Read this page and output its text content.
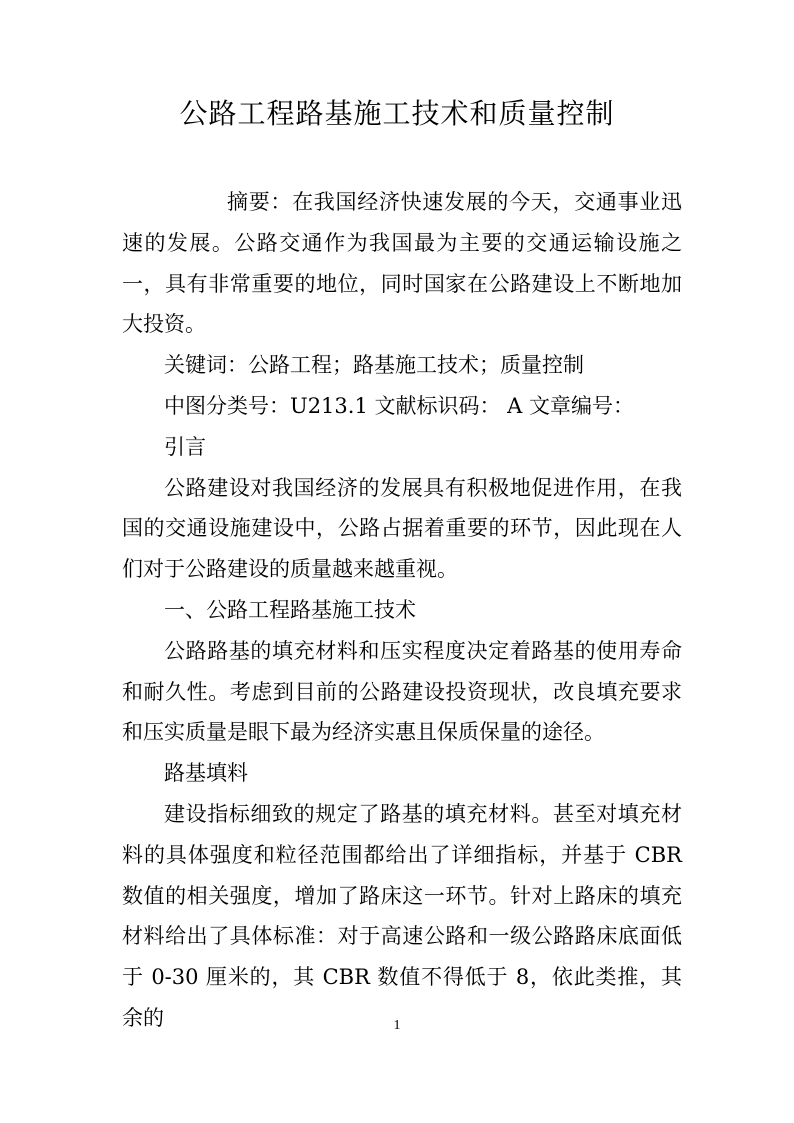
公路工程路基施工技术和质量控制

摘要：在我国经济快速发展的今天，交通事业迅速的发展。公路交通作为我国最为主要的交通运输设施之一，具有非常重要的地位，同时国家在公路建设上不断地加大投资。

关键词：公路工程；路基施工技术；质量控制

中图分类号：U213.1 文献标识码： A 文章编号：

引言

公路建设对我国经济的发展具有积极地促进作用，在我国的交通设施建设中，公路占据着重要的环节，因此现在人们对于公路建设的质量越来越重视。

一、公路工程路基施工技术

公路路基的填充材料和压实程度决定着路基的使用寿命和耐久性。考虑到目前的公路建设投资现状，改良填充要求和压实质量是眼下最为经济实惠且保质保量的途径。

路基填料

建设指标细致的规定了路基的填充材料。甚至对填充材料的具体强度和粒径范围都给出了详细指标，并基于 CBR 数值的相关强度，增加了路床这一环节。针对上路床的填充材料给出了具体标准：对于高速公路和一级公路路床底面低于 0-30 厘米的，其 CBR 数值不得低于 8，依此类推，其余的	1
